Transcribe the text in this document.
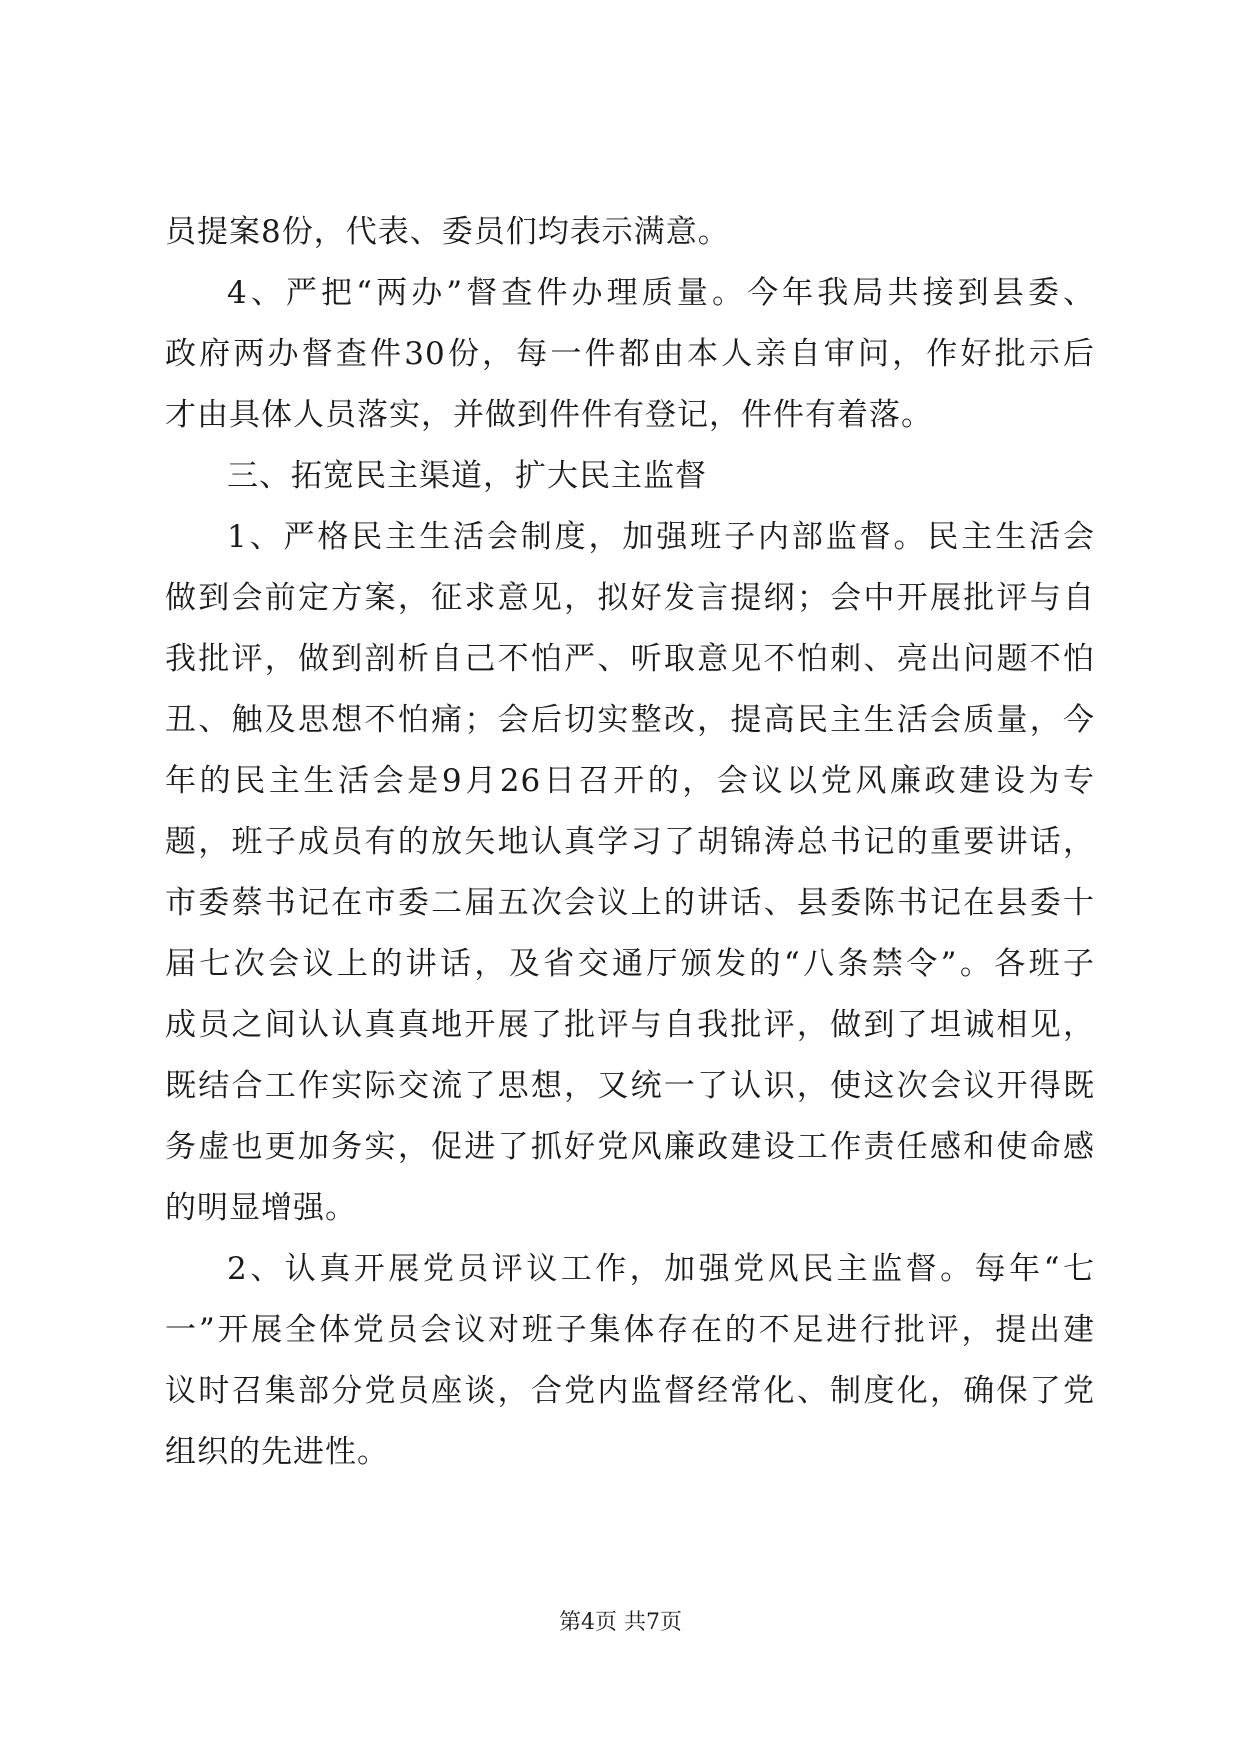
员提案8份，代表、委员们均表示满意。
4、严把“两办”督查件办理质量。今年我局共接到县委、
政府两办督查件30份，每一件都由本人亲自审问，作好批示后
才由具体人员落实，并做到件件有登记，件件有着落。
三、拓宽民主渠道，扩大民主监督
1、严格民主生活会制度，加强班子内部监督。民主生活会
做到会前定方案，征求意见，拟好发言提纲；会中开展批评与自
我批评，做到剖析自己不怕严、听取意见不怕刺、亮出问题不怕
丑、触及思想不怕痛；会后切实整改，提高民主生活会质量，今
年的民主生活会是9月26日召开的，会议以党风廉政建设为专
题，班子成员有的放矢地认真学习了胡锦涛总书记的重要讲话，
市委蔡书记在市委二届五次会议上的讲话、县委陈书记在县委十
届七次会议上的讲话，及省交通厅颁发的“八条禁令”。各班子
成员之间认认真真地开展了批评与自我批评，做到了坦诚相见，
既结合工作实际交流了思想，又统一了认识，使这次会议开得既
务虚也更加务实，促进了抓好党风廉政建设工作责任感和使命感
的明显增强。
2、认真开展党员评议工作，加强党风民主监督。每年“七
一”开展全体党员会议对班子集体存在的不足进行批评，提出建
议时召集部分党员座谈，合党内监督经常化、制度化，确保了党
组织的先进性。
第4页 共7页
